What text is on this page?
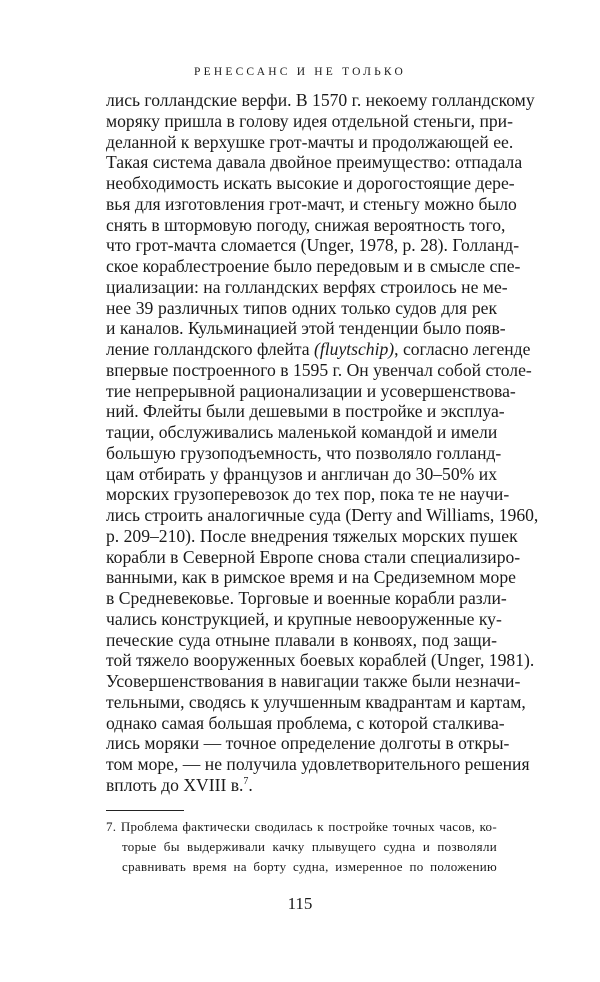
РЕНЕССАНС И НЕ ТОЛЬКО
лись голландские верфи. В 1570 г. некоему голландскому
моряку пришла в голову идея отдельной стеньги, при-
деланной к верхушке грот-мачты и продолжающей ее.
Такая система давала двойное преимущество: отпадала
необходимость искать высокие и дорогостоящие дере-
вья для изготовления грот-мачт, и стеньгу можно было
снять в штормовую погоду, снижая вероятность того,
что грот-мачта сломается (Unger, 1978, p. 28). Голланд-
ское кораблестроение было передовым и в смысле спе-
циализации: на голландских верфях строилось не ме-
нее 39 различных типов одних только судов для рек
и каналов. Кульминацией этой тенденции было появ-
ление голландского флейта (fluytschip), согласно легенде
впервые построенного в 1595 г. Он увенчал собой столе-
тие непрерывной рационализации и усовершенствова-
ний. Флейты были дешевыми в постройке и эксплуа-
тации, обслуживались маленькой командой и имели
большую грузоподъемность, что позволяло голланд-
цам отбирать у французов и англичан до 30–50% их
морских грузоперевозок до тех пор, пока те не научи-
лись строить аналогичные суда (Derry and Williams, 1960,
p. 209–210). После внедрения тяжелых морских пушек
корабли в Северной Европе снова стали специализиро-
ванными, как в римское время и на Средиземном море
в Средневековье. Торговые и военные корабли разли-
чались конструкцией, и крупные невооруженные ку-
печеские суда отныне плавали в конвоях, под защи-
той тяжело вооруженных боевых кораблей (Unger, 1981).
Усовершенствования в навигации также были незначи-
тельными, сводясь к улучшенным квадрантам и картам,
однако самая большая проблема, с которой сталкива-
лись моряки — точное определение долготы в откры-
том море, — не получила удовлетворительного решения
вплоть до XVIII в.$^7$.
7. Проблема фактически сводилась к постройке точных часов, ко-
торые бы выдерживали качку плывущего судна и позволяли
сравнивать время на борту судна, измеренное по положению
115
